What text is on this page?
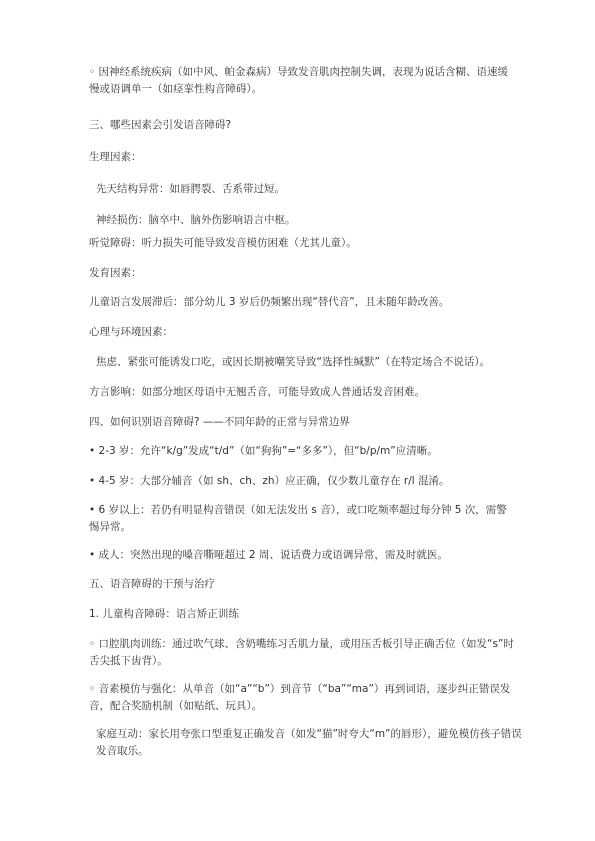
◦ 因神经系统疾病（如中风、帕金森病）导致发音肌肉控制失调，表现为说话含糊、语速缓慢或语调单一（如痉挛性构音障碍）。

三、哪些因素会引发语音障碍?

生理因素：

先天结构异常：如唇腭裂、舌系带过短。

神经损伤：脑卒中、脑外伤影响语言中枢。

听觉障碍：听力损失可能导致发音模仿困难（尤其儿童）。

发育因素：

儿童语言发展滞后：部分幼儿 3 岁后仍频繁出现“替代音”，且未随年龄改善。

心理与环境因素：

焦虑、紧张可能诱发口吃，或因长期被嘲笑导致“选择性缄默”（在特定场合不说话）。

方言影响：如部分地区母语中无翘舌音，可能导致成人普通话发音困难。

四、如何识别语音障碍? ——不同年龄的正常与异常边界

• 2-3 岁：允许“k/g”发成“t/d”（如“狗狗”=“多多”），但“b/p/m”应清晰。

• 4-5 岁：大部分辅音（如 sh、ch、zh）应正确，仅少数儿童存在 r/l 混淆。

• 6 岁以上：若仍有明显构音错误（如无法发出 s 音），或口吃频率超过每分钟 5 次，需警惕异常。

• 成人：突然出现的嗓音嘶哑超过 2 周、说话费力或语调异常，需及时就医。

五、语音障碍的干预与治疗

1. 儿童构音障碍：语言矫正训练

◦ 口腔肌肉训练：通过吹气球、含奶嘴练习舌肌力量，或用压舌板引导正确舌位（如发“s”时舌尖抵下齿背）。

◦ 音素模仿与强化：从单音（如“a”“b”）到音节（“ba”“ma”）再到词语，逐步纠正错误发音，配合奖励机制（如贴纸、玩具）。

家庭互动：家长用夸张口型重复正确发音（如发“猫”时夸大“m”的唇形），避免模仿孩子错误发音取乐。
